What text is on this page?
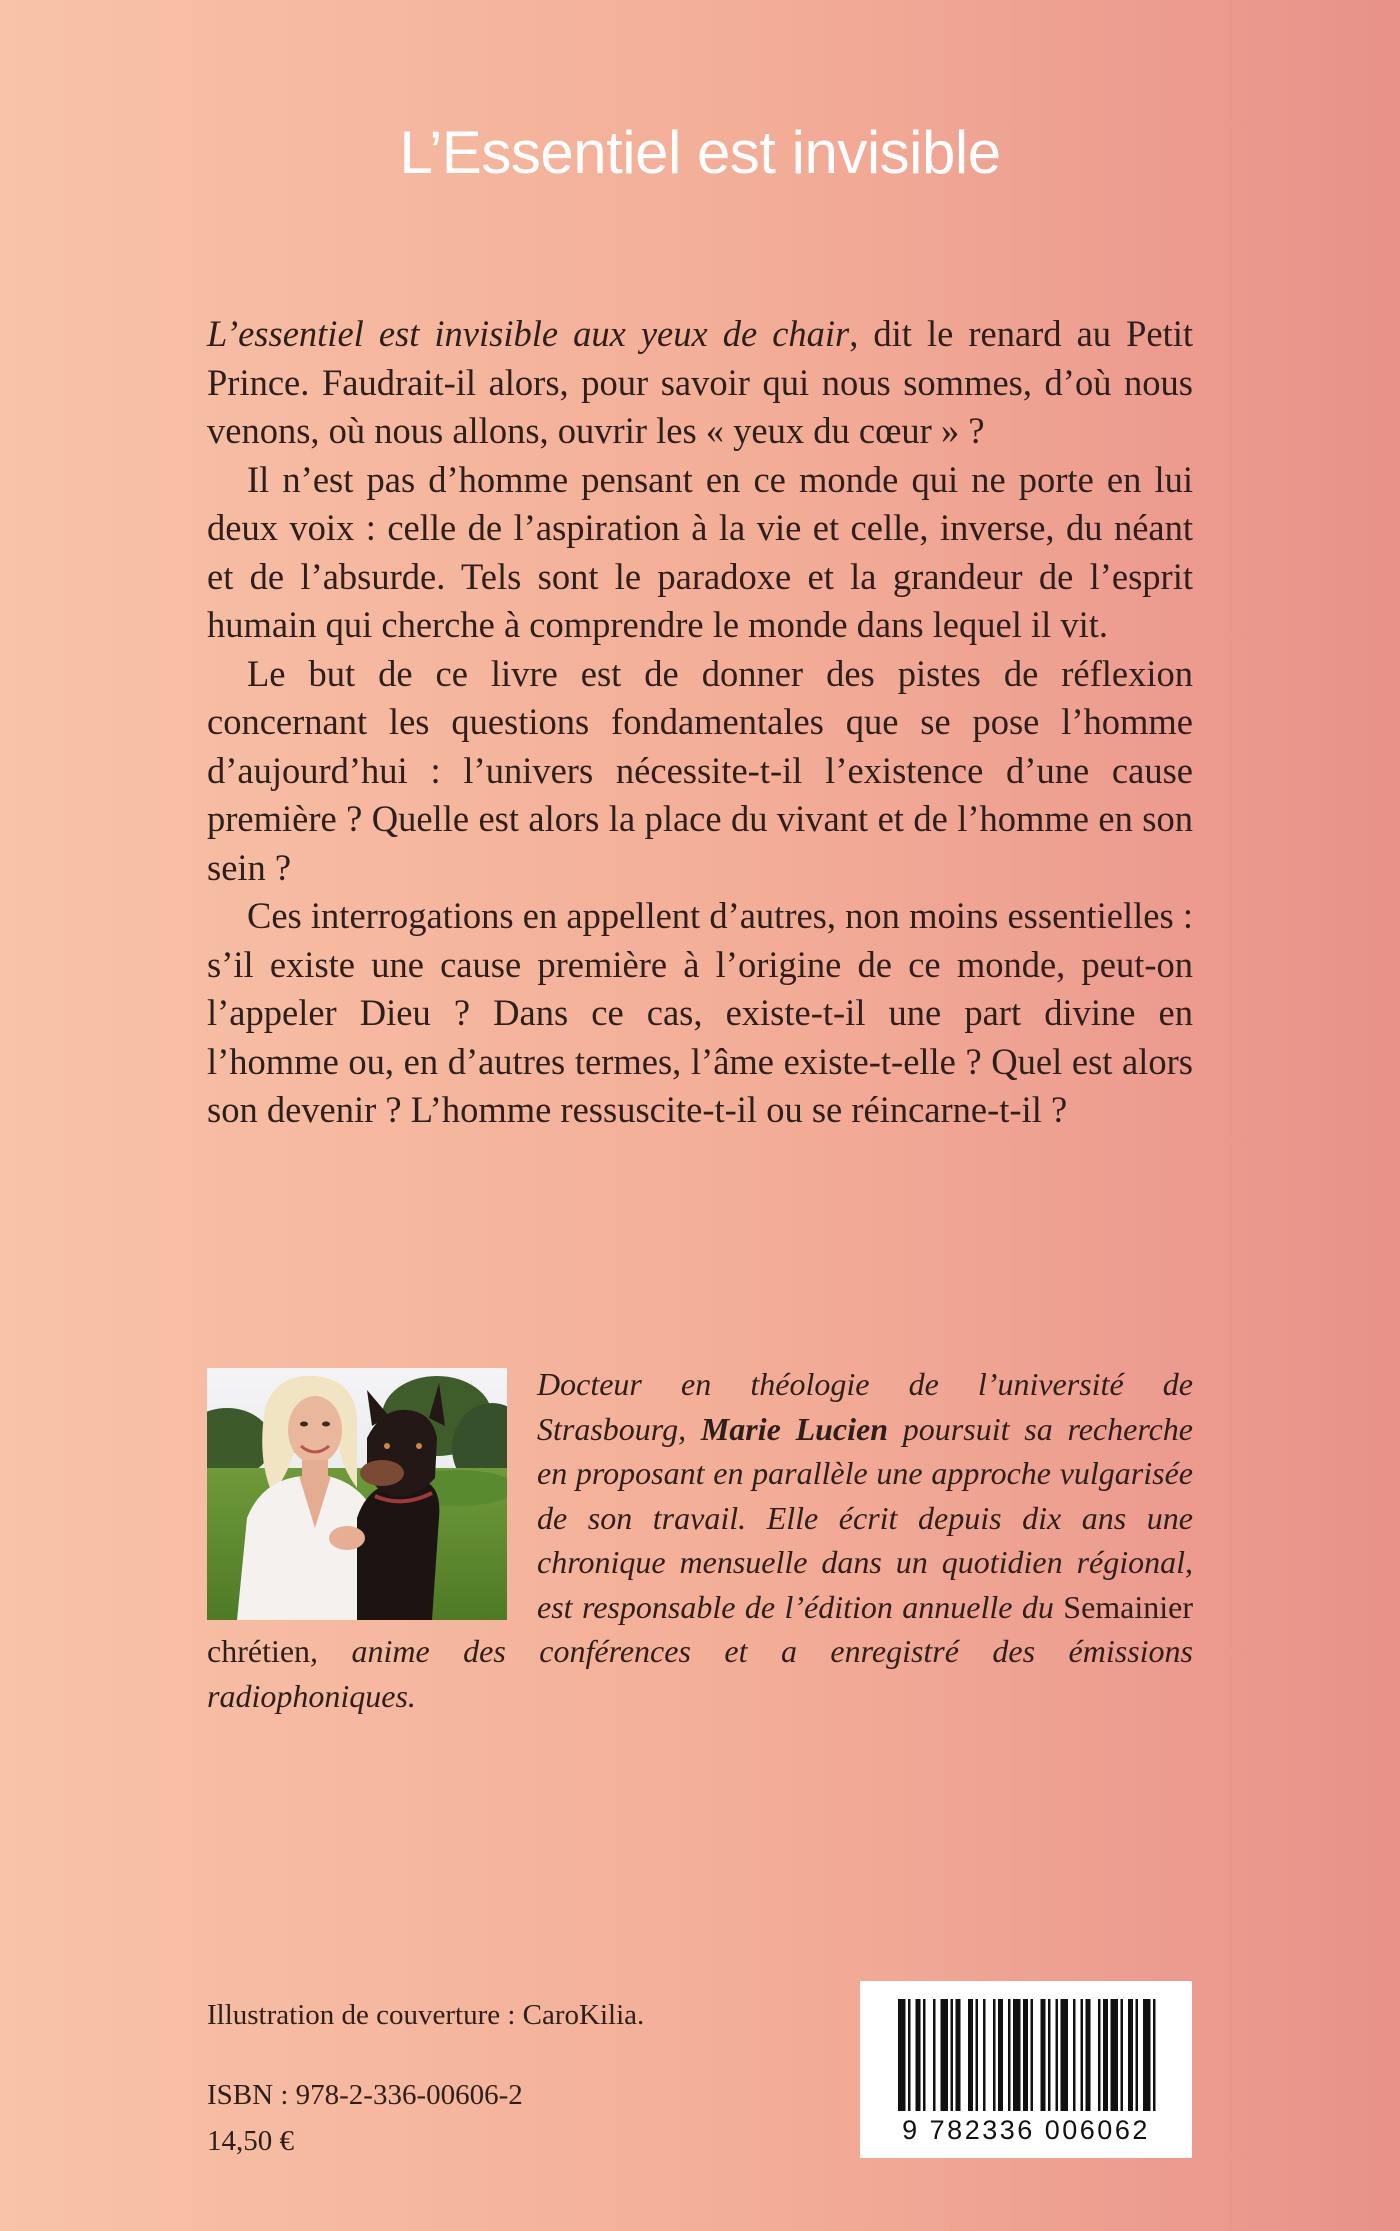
L’Essentiel est invisible

L’essentiel est invisible aux yeux de chair, dit le renard au Petit Prince. Faudrait-il alors, pour savoir qui nous sommes, d’où nous venons, où nous allons, ouvrir les « yeux du cœur » ?

Il n’est pas d’homme pensant en ce monde qui ne porte en lui deux voix : celle de l’aspiration à la vie et celle, inverse, du néant et de l’absurde. Tels sont le paradoxe et la grandeur de l’esprit humain qui cherche à comprendre le monde dans lequel il vit.

Le but de ce livre est de donner des pistes de réflexion concernant les questions fondamentales que se pose l’homme d’aujourd’hui : l’univers nécessite-t-il l’existence d’une cause première ? Quelle est alors la place du vivant et de l’homme en son sein ?

Ces interrogations en appellent d’autres, non moins essentielles : s’il existe une cause première à l’origine de ce monde, peut-on l’appeler Dieu ? Dans ce cas, existe-t-il une part divine en l’homme ou, en d’autres termes, l’âme existe-t-elle ? Quel est alors son devenir ? L’homme ressuscite-t-il ou se réincarne-t-il ?

Docteur en théologie de l’université de Strasbourg, Marie Lucien poursuit sa recherche en proposant en parallèle une approche vulgarisée de son travail. Elle écrit depuis dix ans une chronique mensuelle dans un quotidien régional, est responsable de l’édition annuelle du Semainier chrétien, anime des conférences et a enregistré des émissions radiophoniques.
Illustration de couverture : CaroKilia.
ISBN : 978-2-336-00606-2
14,50 €	9 782336 006062
